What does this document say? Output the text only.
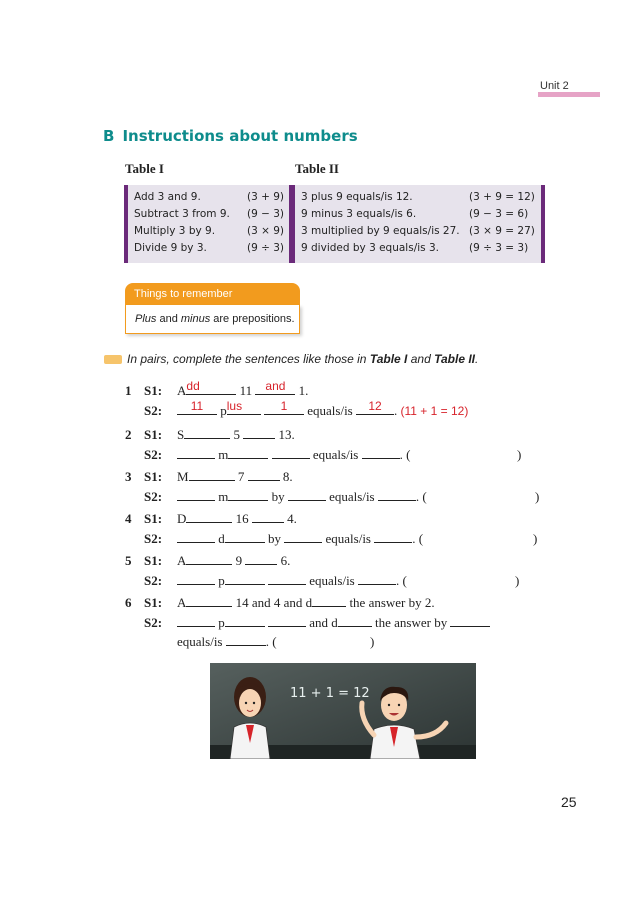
Unit 2
B Instructions about numbers
Table I	Table II
Add 3 and 9.	(3 + 9)
Subtract 3 from 9. (9 − 3)
Multiply 3 by 9.	(3 × 9)
Divide 9 by 3.	(9 ÷ 3)
3 plus 9 equals/is 12.	(3 + 9 = 12)
9 minus 3 equals/is 6.	(9 − 3 = 6)
3 multiplied by 9 equals/is 27. (3 × 9 = 27)
9 divided by 3 equals/is 3.	(9 ÷ 3 = 3)
Things to remember
Plus and minus are prepositions.
In pairs, complete the sentences like those in Table I and Table II.
1 S1: A dd	11 and 1.
S2:	11	p lus
	1	equals/is	12 . (11 + 1 = 12)
2 S1: S	5  13.
S2:	m	equals/is	. (	)
3 S1: M	7  8.
S2:	m	by	equals/is	. (	)
4 S1: D	16  4.
S2:	d	by	equals/is	. (	)
5 S1: A	9  6.
S2:	p	equals/is	. (	)
6 S1: A	14 and 4 and d	the answer by 2.
S2:	p	and d	the answer by
equals/is	. (	)
11 + 1 = 12
25
